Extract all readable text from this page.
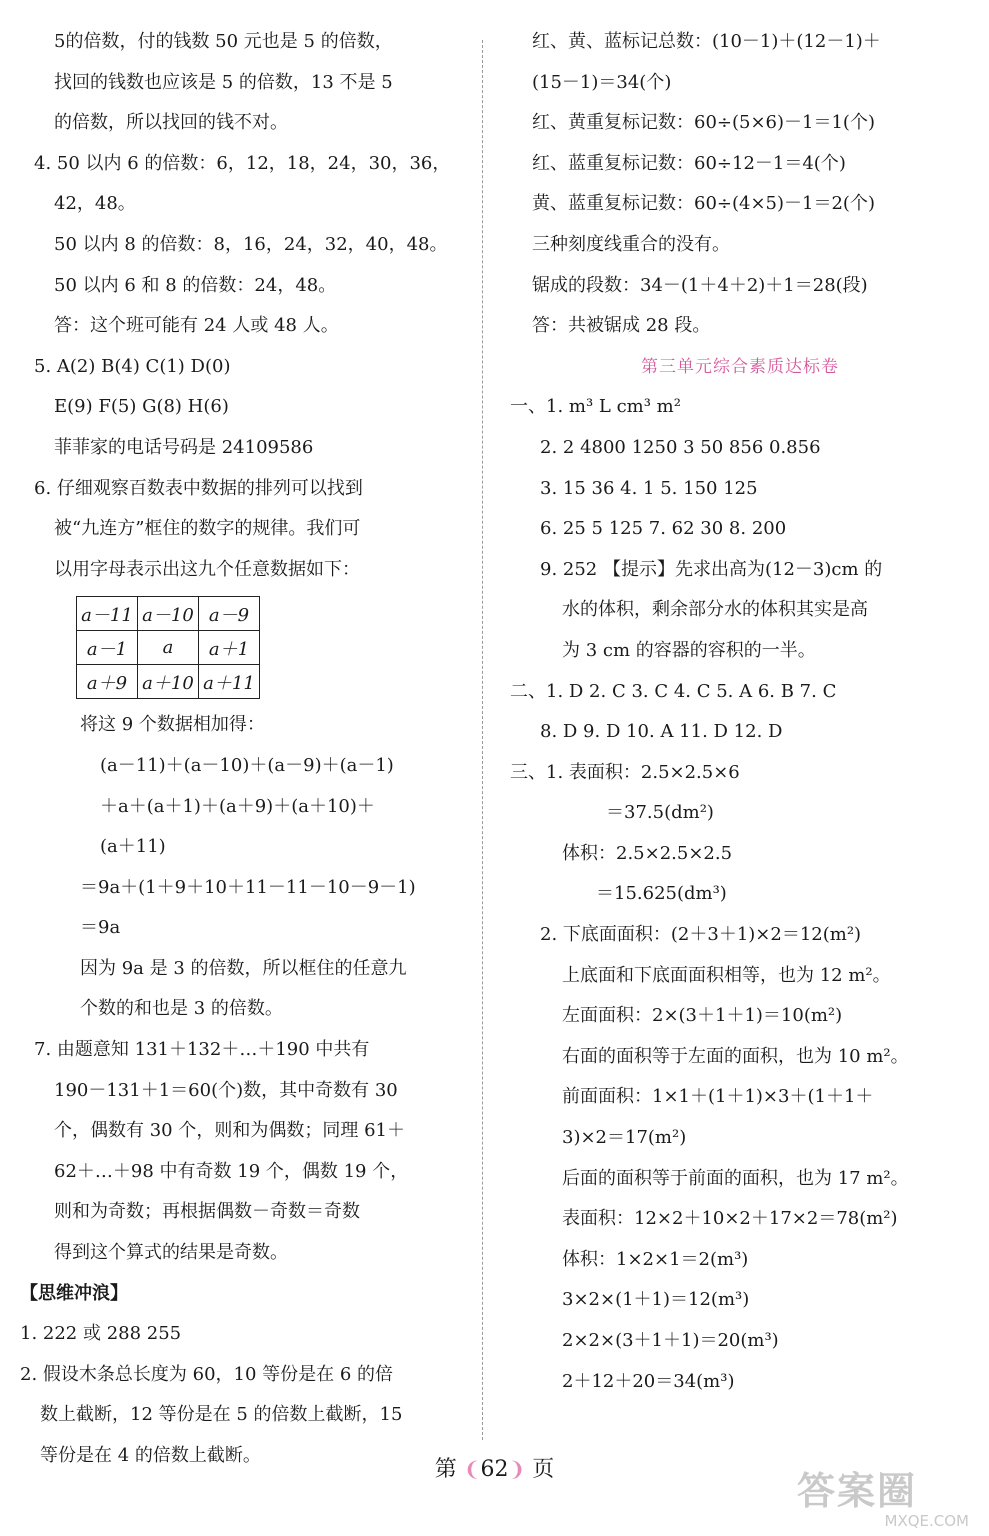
5的倍数，付的钱数 50 元也是 5 的倍数，
找回的钱数也应该是 5 的倍数，13 不是 5
的倍数，所以找回的钱不对。
4. 50 以内 6 的倍数：6，12，18，24，30，36，
42，48。
50 以内 8 的倍数：8，16，24，32，40，48。
50 以内 6 和 8 的倍数：24，48。
答：这个班可能有 24 人或 48 人。
5. A(2) B(4) C(1) D(0)
E(9) F(5) G(8) H(6)
菲菲家的电话号码是 24109586
6. 仔细观察百数表中数据的排列可以找到
被“九连方”框住的数字的规律。我们可
以用字母表示出这九个任意数据如下：
a－11	a－10	a－9
a－1	a	a＋1
a＋9	a＋10	a＋11
将这 9 个数据相加得：
(a－11)＋(a－10)＋(a－9)＋(a－1)
＋a＋(a＋1)＋(a＋9)＋(a＋10)＋
(a＋11)
＝9a＋(1＋9＋10＋11－11－10－9－1)
＝9a
因为 9a 是 3 的倍数，所以框住的任意九
个数的和也是 3 的倍数。
7. 由题意知 131＋132＋…＋190 中共有
190－131＋1＝60(个)数，其中奇数有 30
个，偶数有 30 个，则和为偶数；同理 61＋
62＋…＋98 中有奇数 19 个，偶数 19 个，
则和为奇数；再根据偶数－奇数＝奇数
得到这个算式的结果是奇数。
【思维冲浪】
1. 222 或 288 255
2. 假设木条总长度为 60，10 等份是在 6 的倍
数上截断，12 等份是在 5 的倍数上截断，15
等份是在 4 的倍数上截断。
红、黄、蓝标记总数：(10－1)＋(12－1)＋
(15－1)＝34(个)
红、黄重复标记数：60÷(5×6)－1＝1(个)
红、蓝重复标记数：60÷12－1＝4(个)
黄、蓝重复标记数：60÷(4×5)－1＝2(个)
三种刻度线重合的没有。
锯成的段数：34－(1＋4＋2)＋1＝28(段)
答：共被锯成 28 段。
第三单元综合素质达标卷
一、1. m³ L cm³ m²
2. 2 4800 1250 3 50 856 0.856
3. 15 36 4. 1 5. 150 125
6. 25 5 125 7. 62 30 8. 200
9. 252 【提示】先求出高为(12－3)cm 的
水的体积，剩余部分水的体积其实是高
为 3 cm 的容器的容积的一半。
二、1. D 2. C 3. C 4. C 5. A 6. B 7. C
8. D 9. D 10. A 11. D 12. D
三、1. 表面积：2.5×2.5×6
＝37.5(dm²)
体积：2.5×2.5×2.5
＝15.625(dm³)
2. 下底面面积：(2＋3＋1)×2＝12(m²)
上底面和下底面面积相等，也为 12 m²。
左面面积：2×(3＋1＋1)＝10(m²)
右面的面积等于左面的面积，也为 10 m²。
前面面积：1×1＋(1＋1)×3＋(1＋1＋
3)×2＝17(m²)
后面的面积等于前面的面积，也为 17 m²。
表面积：12×2＋10×2＋17×2＝78(m²)
体积：1×2×1＝2(m³)
3×2×(1＋1)＝12(m³)
2×2×(3＋1＋1)＝20(m³)
2＋12＋20＝34(m³)
第 ❨62❩ 页	答案圈
MXQE.COM
